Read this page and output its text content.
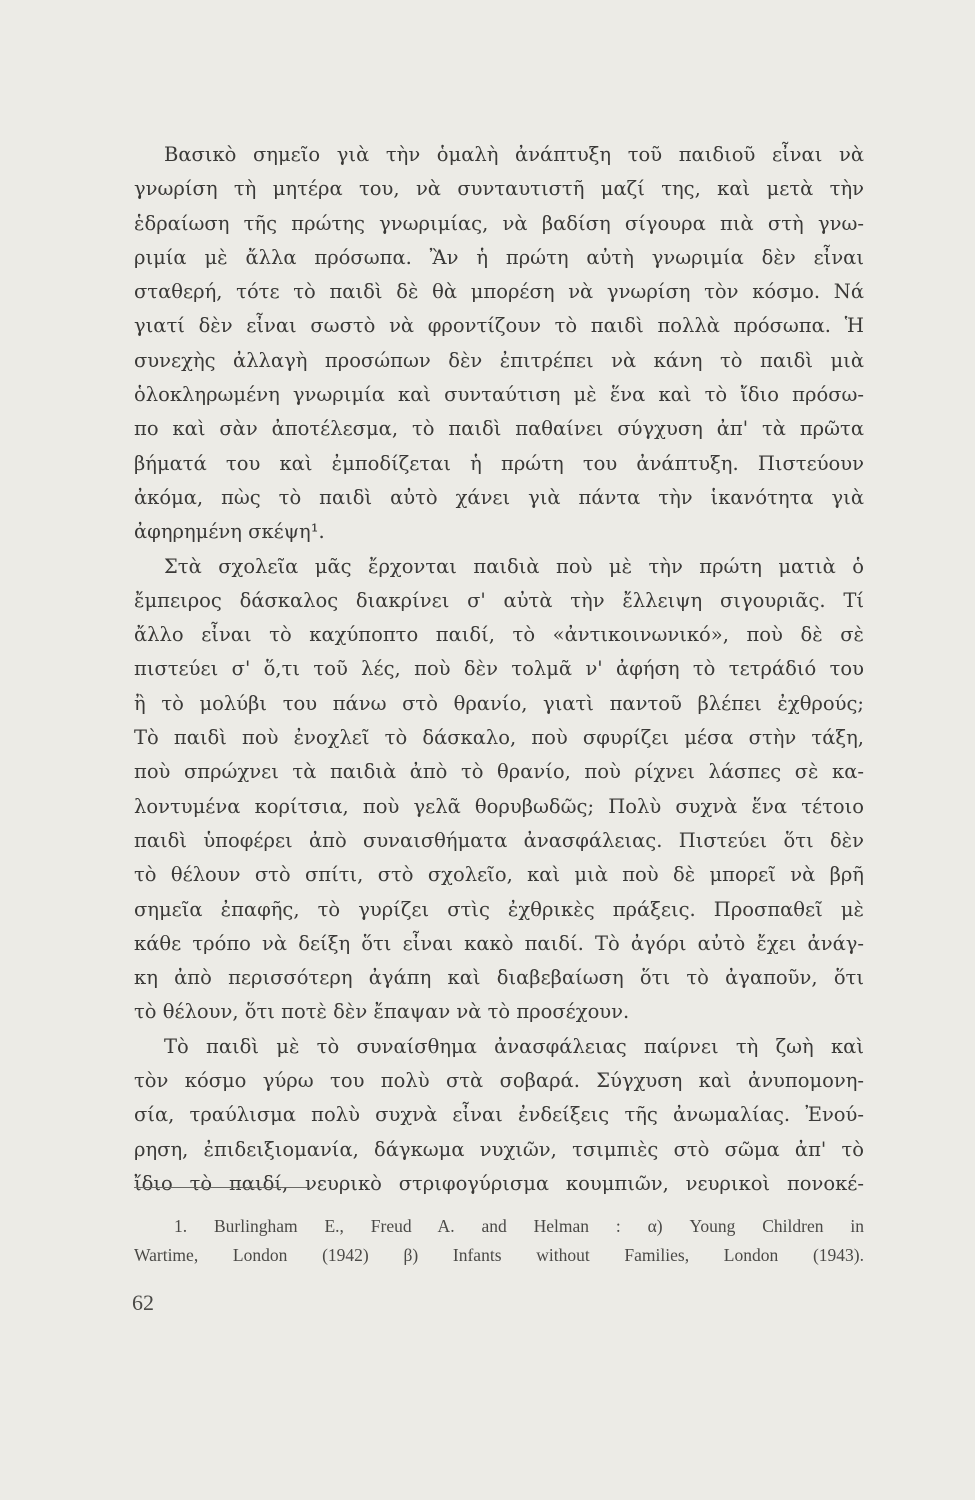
Βασικὸ σημεῖο γιὰ τὴν ὁμαλὴ ἀνάπτυξη τοῦ παιδιοῦ εἶναι νὰ
γνωρίση τὴ μητέρα του, νὰ συνταυτιστῆ μαζί της, καὶ μετὰ τὴν
ἑδραίωση τῆς πρώτης γνωριμίας, νὰ βαδίση σίγουρα πιὰ στὴ γνω-
ριμία μὲ ἄλλα πρόσωπα. Ἂν ἡ πρώτη αὐτὴ γνωριμία δὲν εἶναι
σταθερή, τότε τὸ παιδὶ δὲ θὰ μπορέση νὰ γνωρίση τὸν κόσμο. Νά
γιατί δὲν εἶναι σωστὸ νὰ φροντίζουν τὸ παιδὶ πολλὰ πρόσωπα. Ἡ
συνεχὴς ἀλλαγὴ προσώπων δὲν ἐπιτρέπει νὰ κάνη τὸ παιδὶ μιὰ
ὁλοκληρωμένη γνωριμία καὶ συνταύτιση μὲ ἕνα καὶ τὸ ἴδιο πρόσω-
πο καὶ σὰν ἀποτέλεσμα, τὸ παιδὶ παθαίνει σύγχυση ἀπ' τὰ πρῶτα
βήματά του καὶ ἐμποδίζεται ἡ πρώτη του ἀνάπτυξη. Πιστεύουν
ἀκόμα, πὼς τὸ παιδὶ αὐτὸ χάνει γιὰ πάντα τὴν ἱκανότητα γιὰ
ἀφηρημένη σκέψη¹.
Στὰ σχολεῖα μᾶς ἔρχονται παιδιὰ ποὺ μὲ τὴν πρώτη ματιὰ ὁ
ἔμπειρος δάσκαλος διακρίνει σ' αὐτὰ τὴν ἔλλειψη σιγουριᾶς. Τί
ἄλλο εἶναι τὸ καχύποπτο παιδί, τὸ «ἀντικοινωνικό», ποὺ δὲ σὲ
πιστεύει σ' ὅ,τι τοῦ λές, ποὺ δὲν τολμᾶ ν' ἀφήση τὸ τετράδιό του
ἢ τὸ μολύβι του πάνω στὸ θρανίο, γιατὶ παντοῦ βλέπει ἐχθρούς;
Τὸ παιδὶ ποὺ ἐνοχλεῖ τὸ δάσκαλο, ποὺ σφυρίζει μέσα στὴν τάξη,
ποὺ σπρώχνει τὰ παιδιὰ ἀπὸ τὸ θρανίο, ποὺ ρίχνει λάσπες σὲ κα-
λοντυμένα κορίτσια, ποὺ γελᾶ θορυβωδῶς; Πολὺ συχνὰ ἕνα τέτοιο
παιδὶ ὑποφέρει ἀπὸ συναισθήματα ἀνασφάλειας. Πιστεύει ὅτι δὲν
τὸ θέλουν στὸ σπίτι, στὸ σχολεῖο, καὶ μιὰ ποὺ δὲ μπορεῖ νὰ βρῆ
σημεῖα ἐπαφῆς, τὸ γυρίζει στὶς ἐχθρικὲς πράξεις. Προσπαθεῖ μὲ
κάθε τρόπο νὰ δείξη ὅτι εἶναι κακὸ παιδί. Τὸ ἀγόρι αὐτὸ ἔχει ἀνάγ-
κη ἀπὸ περισσότερη ἀγάπη καὶ διαβεβαίωση ὅτι τὸ ἀγαποῦν, ὅτι
τὸ θέλουν, ὅτι ποτὲ δὲν ἔπαψαν νὰ τὸ προσέχουν.
Τὸ παιδὶ μὲ τὸ συναίσθημα ἀνασφάλειας παίρνει τὴ ζωὴ καὶ
τὸν κόσμο γύρω του πολὺ στὰ σοβαρά. Σύγχυση καὶ ἀνυπομονη-
σία, τραύλισμα πολὺ συχνὰ εἶναι ἐνδείξεις τῆς ἀνωμαλίας. Ἐνού-
ρηση, ἐπιδειξιομανία, δάγκωμα νυχιῶν, τσιμπιὲς στὸ σῶμα ἀπ' τὸ
ἴδιο τὸ παιδί, νευρικὸ στριφογύρισμα κουμπιῶν, νευρικοὶ πονοκέ-
1. Burlingham E., Freud A. and Helman : α) Young Children in
Wartime, London (1942) β) Infants without Families, London (1943).
62
